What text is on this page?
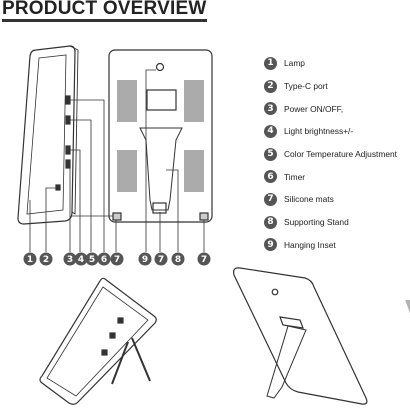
PRODUCT OVERVIEW
1 2 3 4 5 6 7 9 7 8 7
1	Lamp
2	Type-C port
3	Power ON/OFF,
4	Light brightness+/-
5	Color Temperature Adjustment
6	Timer
7	Silicone mats
8	Supporting Stand
9	Hanging Inset
